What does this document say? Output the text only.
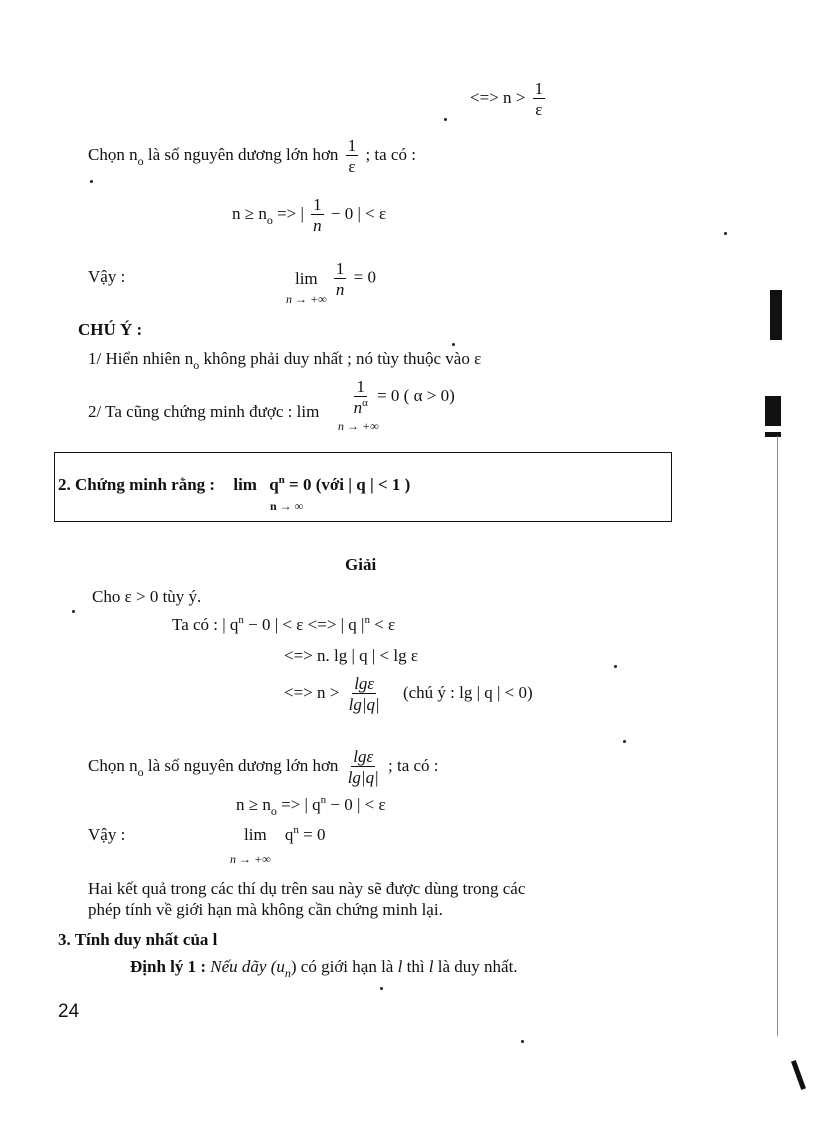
<=> $n > \frac{1}{\varepsilon}$
Chọn $n_o$ là số nguyên dương lớn hơn $\frac{1}{\varepsilon}$ ; ta có :
$n \ge n_o$ => | $\frac{1}{n} - 0$ | < ε
Vậy :	lim
n → +∞

$\frac{1}{n} = 0$
CHÚ Ý :
1/ Hiển nhiên $n_o$ không phải duy nhất ; nó tùy thuộc vào ε
2/ Ta cũng chứng minh được : $\lim \frac{1}{n^\alpha} = 0$ ( α > 0)
n → +∞
2. Chứng minh rằng : $\lim q^n = 0$ (với | q | < 1 )
n → ∞
Giải
Cho ε > 0 tùy ý.
Ta có : | $q^n - 0$ | < ε <=> | q $|^n < \varepsilon$
<=> n. lg | q | < lg ε
<=> $n > \frac{\lg\varepsilon}{\lg|q|}$ (chú ý : lg | q | < 0)
Chọn $n_o$ là số nguyên dương lớn hơn $\frac{\lg\varepsilon}{\lg|q|}$ ; ta có :
$n \ge n_o$ => | $q^n - 0$ | < ε
Vậy :	$\lim q^n = 0$
n → +∞
Hai kết quả trong các thí dụ trên sau này sẽ được dùng trong các
phép tính về giới hạn mà không cần chứng minh lại.
3. Tính duy nhất của l
Định lý 1 : Nếu dãy $(u_n)$ có giới hạn là l thì l là duy nhất.
24
